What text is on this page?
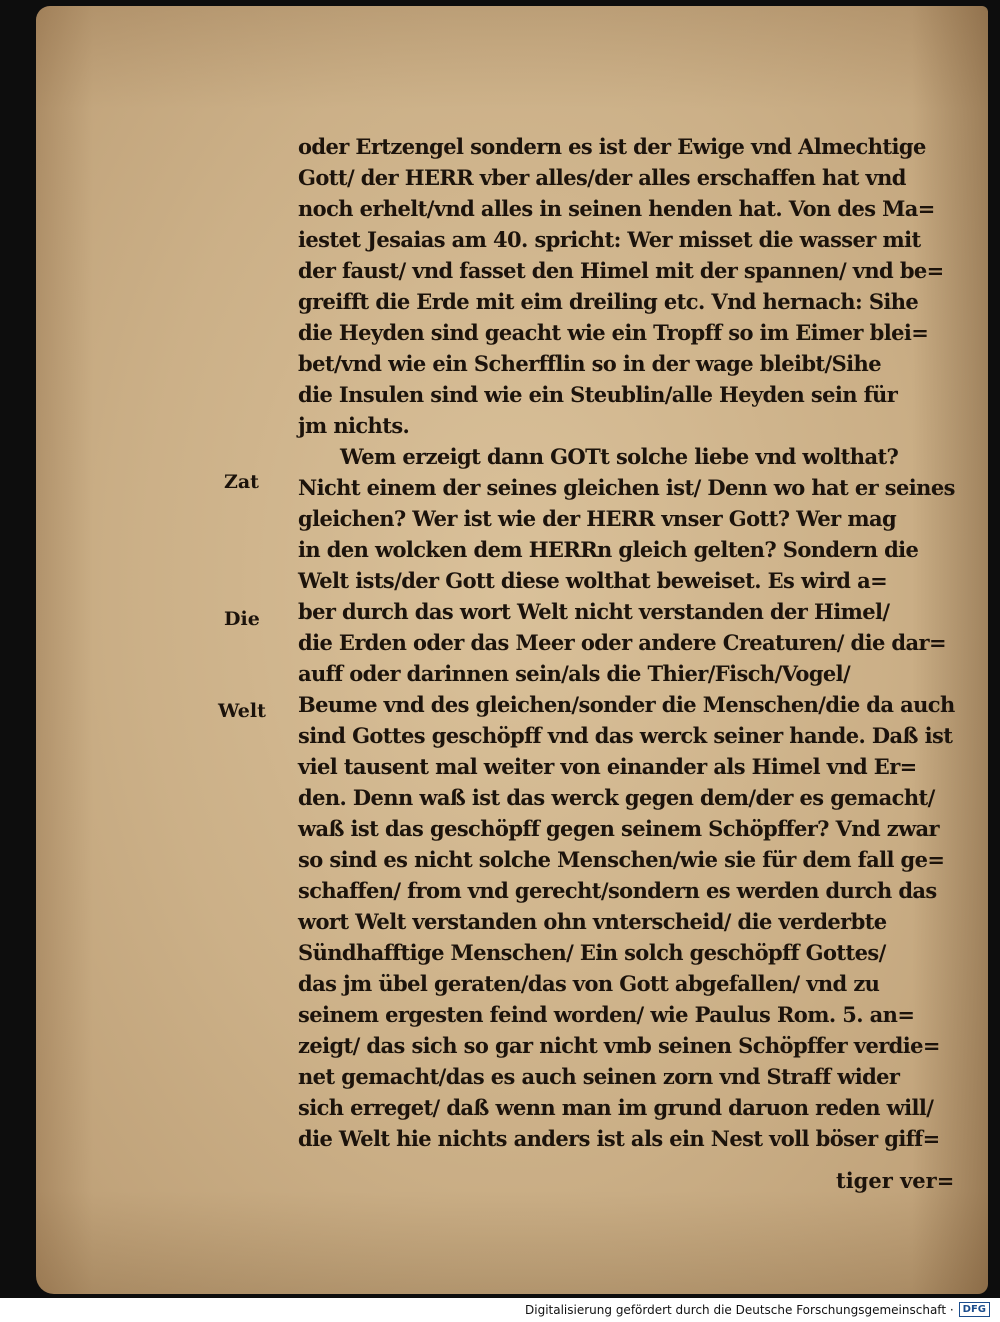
Zat
Die
Welt
oder Ertzengel sondern es ist der Ewige vnd Almechtige
Gott/ der HERR vber alles/der alles erschaffen hat vnd
noch erhelt/vnd alles in seinen henden hat. Von des Ma=
iestet Jesaias am 40. spricht: Wer misset die wasser mit
der faust/ vnd fasset den Himel mit der spannen/ vnd be=
greifft die Erde mit eim dreiling etc. Vnd hernach: Sihe
die Heyden sind geacht wie ein Tropff so im Eimer blei=
bet/vnd wie ein Scherfflin so in der wage bleibt/Sihe
die Insulen sind wie ein Steublin/alle Heyden sein für
jm nichts.
Wem erzeigt dann GOTt solche liebe vnd wolthat?
Nicht einem der seines gleichen ist/ Denn wo hat er seines
gleichen? Wer ist wie der HERR vnser Gott? Wer mag
in den wolcken dem HERRn gleich gelten? Sondern die
Welt ists/der Gott diese wolthat beweiset. Es wird a=
ber durch das wort Welt nicht verstanden der Himel/
die Erden oder das Meer oder andere Creaturen/ die dar=
auff oder darinnen sein/als die Thier/Fisch/Vogel/
Beume vnd des gleichen/sonder die Menschen/die da auch
sind Gottes geschöpff vnd das werck seiner hande. Daß ist
viel tausent mal weiter von einander als Himel vnd Er=
den. Denn waß ist das werck gegen dem/der es gemacht/
waß ist das geschöpff gegen seinem Schöpffer? Vnd zwar
so sind es nicht solche Menschen/wie sie für dem fall ge=
schaffen/ from vnd gerecht/sondern es werden durch das
wort Welt verstanden ohn vnterscheid/ die verderbte
Sündhafftige Menschen/ Ein solch geschöpff Gottes/
das jm übel geraten/das von Gott abgefallen/ vnd zu
seinem ergesten feind worden/ wie Paulus Rom. 5. an=
zeigt/ das sich so gar nicht vmb seinen Schöpffer verdie=
net gemacht/das es auch seinen zorn vnd Straff wider
sich erreget/ daß wenn man im grund daruon reden will/
die Welt hie nichts anders ist als ein Nest voll böser giff=
tiger ver=
Digitalisierung gefördert durch die Deutsche Forschungsgemeinschaft · DFG
